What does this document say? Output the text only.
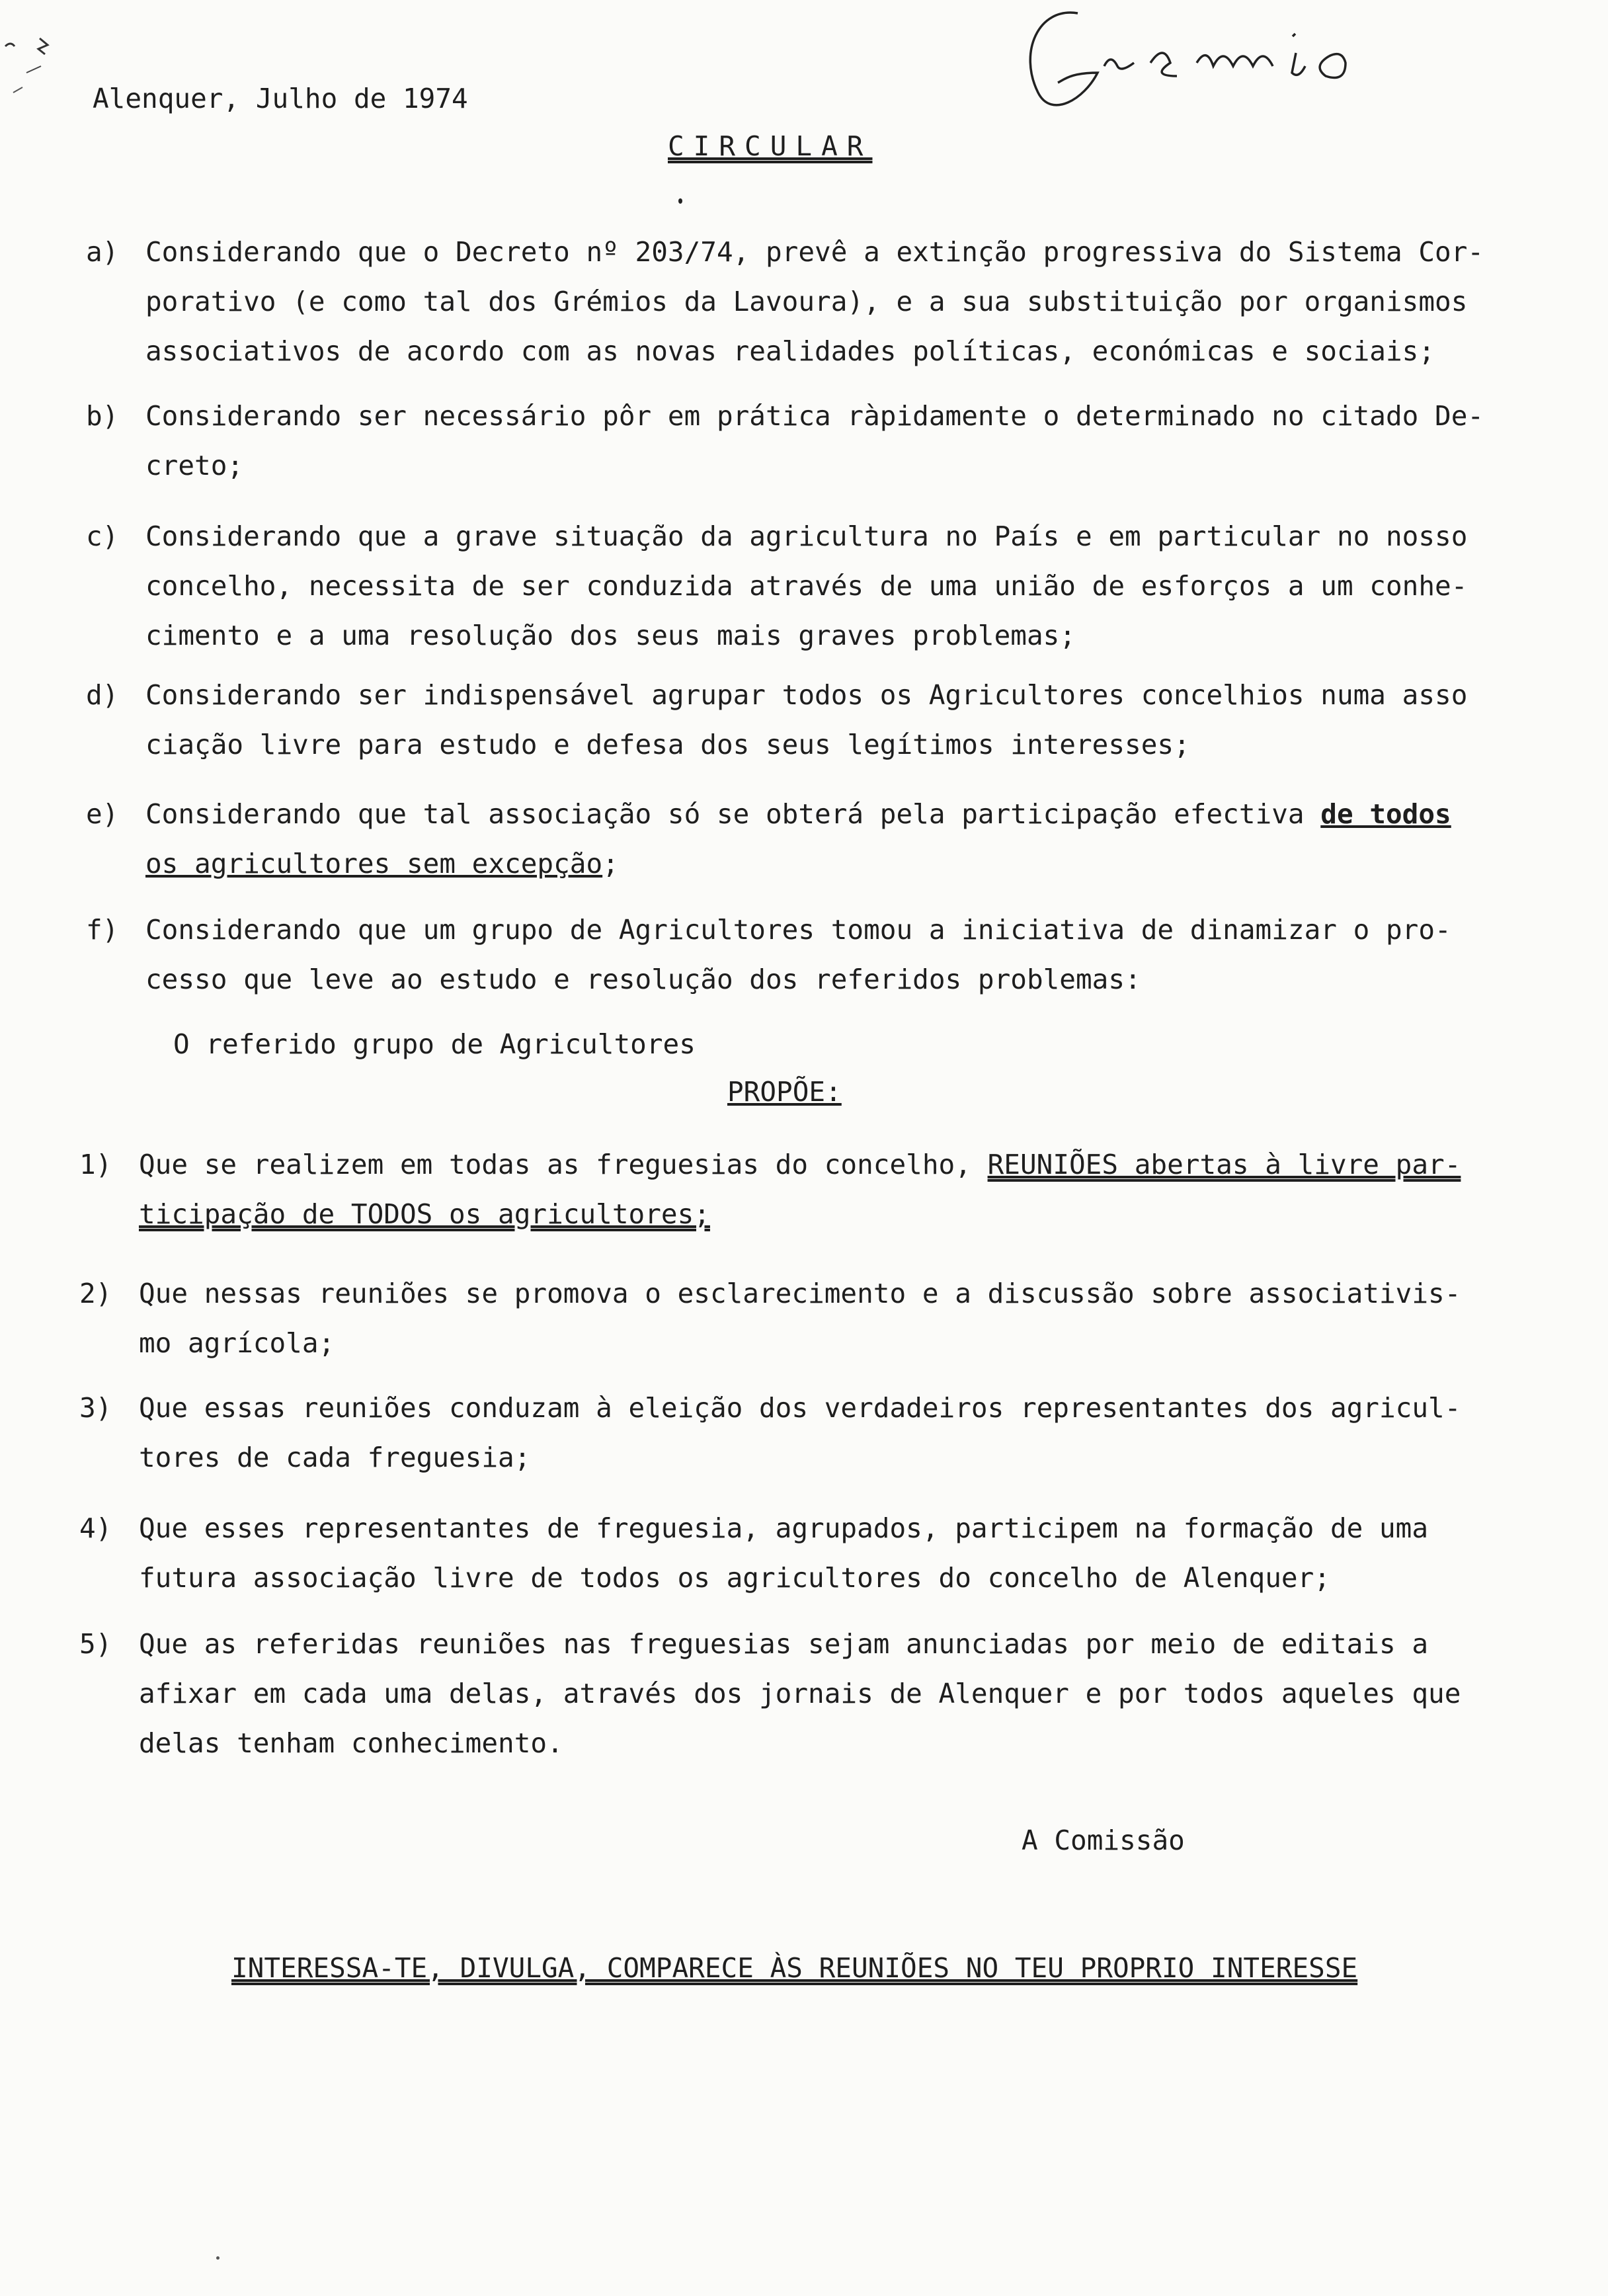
Alenquer, Julho de 1974
CIRCULAR
a) Considerando que o Decreto nº 203/74, prevê a extinção progressiva do Sistema Cor-
porativo (e como tal dos Grémios da Lavoura), e a sua substituição por organismos
associativos de acordo com as novas realidades políticas, económicas e sociais;
b) Considerando ser necessário pôr em prática ràpidamente o determinado no citado De-
creto;
c) Considerando que a grave situação da agricultura no País e em particular no nosso
concelho, necessita de ser conduzida através de uma união de esforços a um conhe-
cimento e a uma resolução dos seus mais graves problemas;
d) Considerando ser indispensável agrupar todos os Agricultores concelhios numa asso
ciação livre para estudo e defesa dos seus legítimos interesses;
e) Considerando que tal associação só se obterá pela participação efectiva de todos
os agricultores sem excepção;
f) Considerando que um grupo de Agricultores tomou a iniciativa de dinamizar o pro-
cesso que leve ao estudo e resolução dos referidos problemas:
O referido grupo de Agricultores
PROPÕE:
1) Que se realizem em todas as freguesias do concelho, REUNIÕES abertas à livre par-
ticipação de TODOS os agricultores;
2) Que nessas reuniões se promova o esclarecimento e a discussão sobre associativis-
mo agrícola;
3) Que essas reuniões conduzam à eleição dos verdadeiros representantes dos agricul-
tores de cada freguesia;
4) Que esses representantes de freguesia, agrupados, participem na formação de uma
futura associação livre de todos os agricultores do concelho de Alenquer;
5) Que as referidas reuniões nas freguesias sejam anunciadas por meio de editais a
afixar em cada uma delas, através dos jornais de Alenquer e por todos aqueles que
delas tenham conhecimento.
A Comissão
INTERESSA-TE, DIVULGA, COMPARECE ÀS REUNIÕES NO TEU PROPRIO INTERESSE
